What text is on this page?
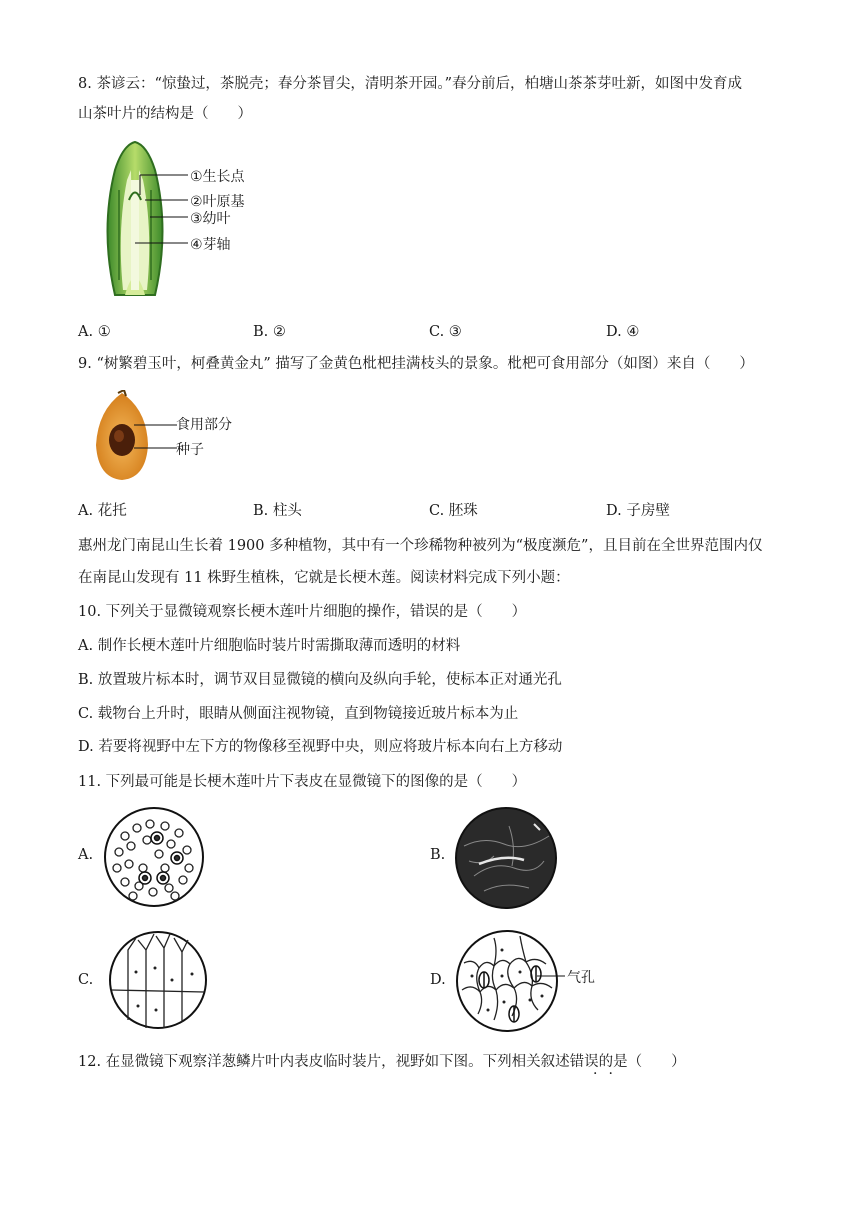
8. 茶谚云：“惊蛰过，茶脱壳；春分茶冒尖，清明茶开园。”春分前后，柏塘山茶茶芽吐新，如图中发育成
山茶叶片的结构是（　　）
①生长点
②叶原基
③幼叶
④芽轴
A. ①	B. ②	C. ③	D. ④
9. “树繁碧玉叶，柯叠黄金丸” 描写了金黄色枇杷挂满枝头的景象。枇杷可食用部分（如图）来自（　　）
食用部分
种子
A. 花托	B. 柱头	C. 胚珠	D. 子房壁
惠州龙门南昆山生长着 1900 多种植物，其中有一个珍稀物种被列为“极度濒危”，且目前在全世界范围内仅
在南昆山发现有 11 株野生植株，它就是长梗木莲。阅读材料完成下列小题：
10. 下列关于显微镜观察长梗木莲叶片细胞的操作，错误的是（　　）
A. 制作长梗木莲叶片细胞临时装片时需撕取薄而透明的材料
B. 放置玻片标本时，调节双目显微镜的横向及纵向手轮，使标本正对通光孔
C. 载物台上升时，眼睛从侧面注视物镜，直到物镜接近玻片标本为止
D. 若要将视野中左下方的物像移至视野中央，则应将玻片标本向右上方移动
11. 下列最可能是长梗木莲叶片下表皮在显微镜下的图像的是（　　）
A.	B.
C.	D.	气孔
12. 在显微镜下观察洋葱鳞片叶内表皮临时装片，视野如下图。下列相关叙述错误的是（　　）
··
